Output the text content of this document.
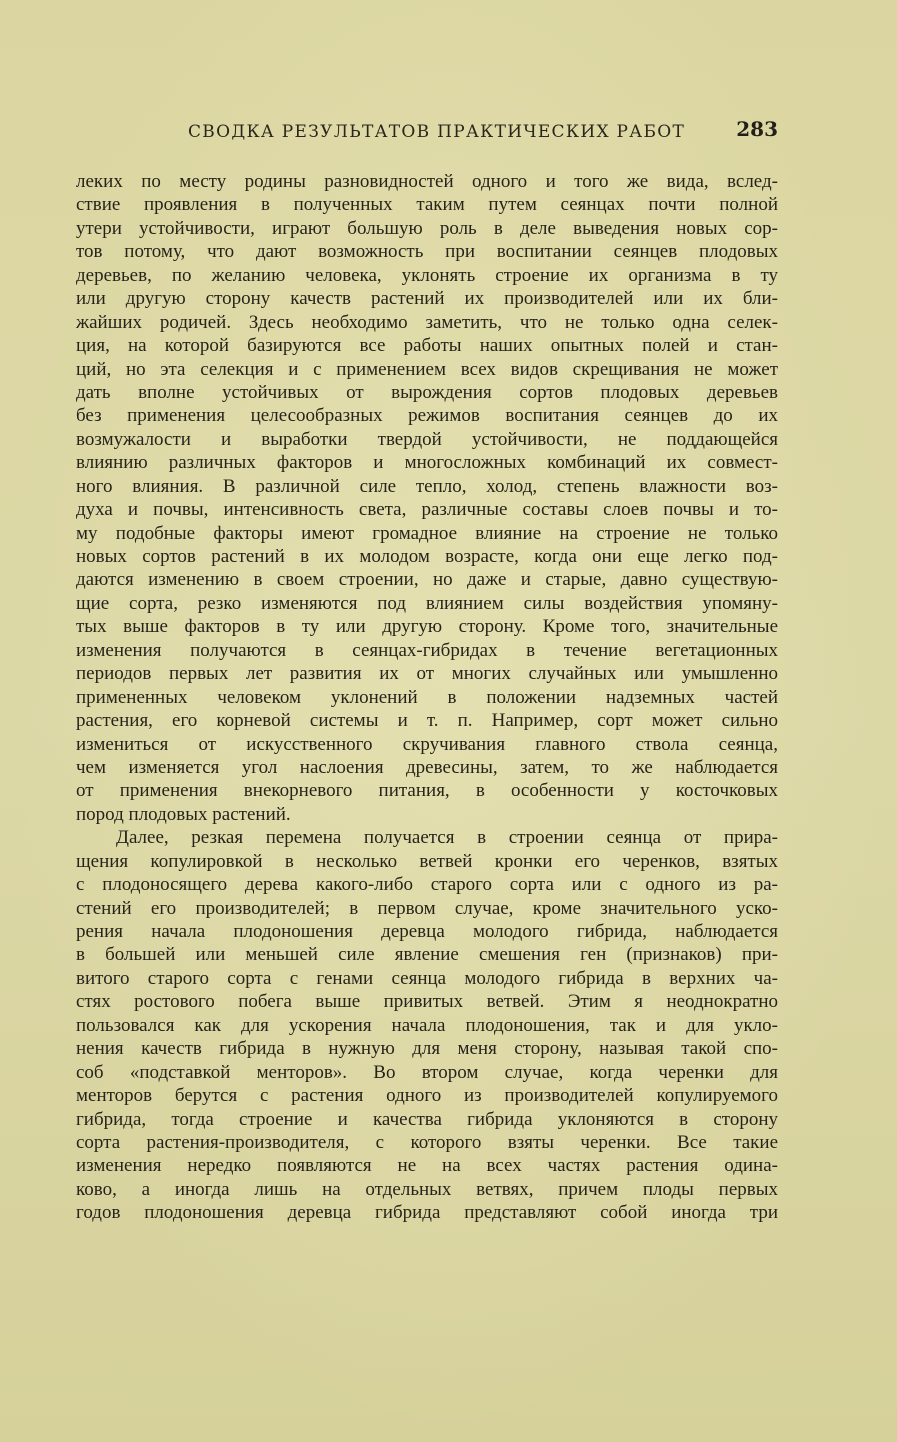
СВОДКА РЕЗУЛЬТАТОВ ПРАКТИЧЕСКИХ РАБОТ	283
леких по месту родины разновидностей одного и того же вида, вслед-
ствие проявления в полученных таким путем сеянцах почти полной
утери устойчивости, играют большую роль в деле выведения новых сор-
тов потому, что дают возможность при воспитании сеянцев плодовых
деревьев, по желанию человека, уклонять строение их организма в ту
или другую сторону качеств растений их производителей или их бли-
жайших родичей. Здесь необходимо заметить, что не только одна селек-
ция, на которой базируются все работы наших опытных полей и стан-
ций, но эта селекция и с применением всех видов скрещивания не может
дать вполне устойчивых от вырождения сортов плодовых деревьев
без применения целесообразных режимов воспитания сеянцев до их
возмужалости и выработки твердой устойчивости, не поддающейся
влиянию различных факторов и многосложных комбинаций их совмест-
ного влияния. В различной силе тепло, холод, степень влажности воз-
духа и почвы, интенсивность света, различные составы слоев почвы и то-
му подобные факторы имеют громадное влияние на строение не только
новых сортов растений в их молодом возрасте, когда они еще легко под-
даются изменению в своем строении, но даже и старые, давно существую-
щие сорта, резко изменяются под влиянием силы воздействия упомяну-
тых выше факторов в ту или другую сторону. Кроме того, значительные
изменения получаются в сеянцах-гибридах в течение вегетационных
периодов первых лет развития их от многих случайных или умышленно
примененных человеком уклонений в положении надземных частей
растения, его корневой системы и т. п. Например, сорт может сильно
измениться от искусственного скручивания главного ствола сеянца,
чем изменяется угол наслоения древесины, затем, то же наблюдается
от применения внекорневого питания, в особенности у косточковых
пород плодовых растений.
Далее, резкая перемена получается в строении сеянца от прира-
щения копулировкой в несколько ветвей кронки его черенков, взятых
с плодоносящего дерева какого-либо старого сорта или с одного из ра-
стений его производителей; в первом случае, кроме значительного уско-
рения начала плодоношения деревца молодого гибрида, наблюдается
в большей или меньшей силе явление смешения ген (признаков) при-
витого старого сорта с генами сеянца молодого гибрида в верхних ча-
стях ростового побега выше привитых ветвей. Этим я неоднократно
пользовался как для ускорения начала плодоношения, так и для укло-
нения качеств гибрида в нужную для меня сторону, называя такой спо-
соб «подставкой менторов». Во втором случае, когда черенки для
менторов берутся с растения одного из производителей копулируемого
гибрида, тогда строение и качества гибрида уклоняются в сторону
сорта растения-производителя, с которого взяты черенки. Все такие
изменения нередко появляются не на всех частях растения одина-
ково, а иногда лишь на отдельных ветвях, причем плоды первых
годов плодоношения деревца гибрида представляют собой иногда три
